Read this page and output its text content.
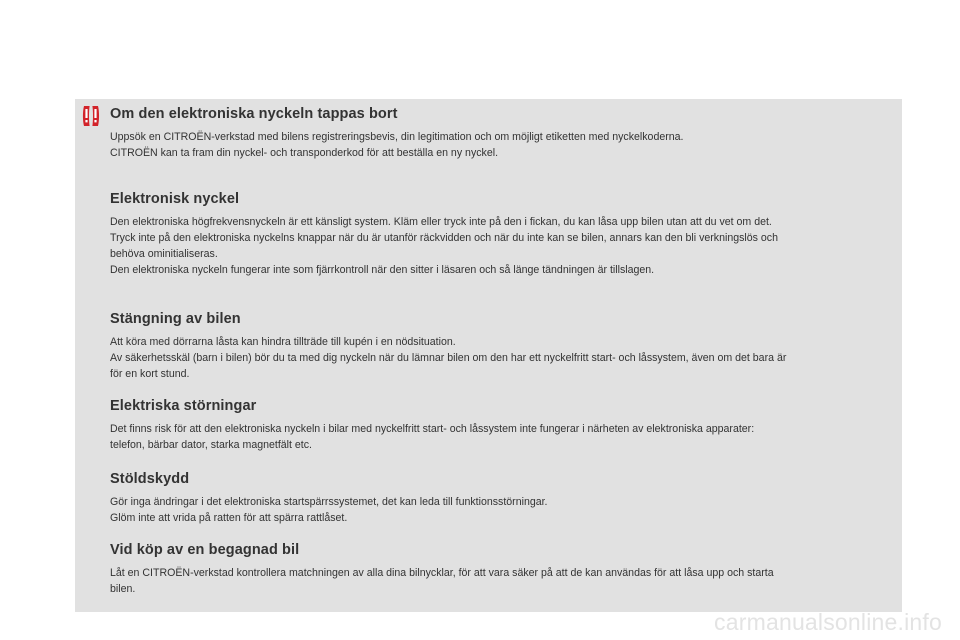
Om den elektroniska nyckeln tappas bort

Uppsök en CITROËN-verkstad med bilens registreringsbevis, din legitimation och om möjligt etiketten med nyckelkoderna.

CITROËN kan ta fram din nyckel- och transponderkod för att beställa en ny nyckel.

Elektronisk nyckel

Den elektroniska högfrekvensnyckeln är ett känsligt system. Kläm eller tryck inte på den i fickan, du kan låsa upp bilen utan att du vet om det.

Tryck inte på den elektroniska nyckelns knappar när du är utanför räckvidden och när du inte kan se bilen, annars kan den bli verkningslös och

behöva ominitialiseras.

Den elektroniska nyckeln fungerar inte som fjärrkontroll när den sitter i läsaren och så länge tändningen är tillslagen.

Stängning av bilen

Att köra med dörrarna låsta kan hindra tillträde till kupén i en nödsituation.

Av säkerhetsskäl (barn i bilen) bör du ta med dig nyckeln när du lämnar bilen om den har ett nyckelfritt start- och låssystem, även om det bara är

för en kort stund.

Elektriska störningar

Det finns risk för att den elektroniska nyckeln i bilar med nyckelfritt start- och låssystem inte fungerar i närheten av elektroniska apparater:

telefon, bärbar dator, starka magnetfält etc.

Stöldskydd

Gör inga ändringar i det elektroniska startspärrssystemet, det kan leda till funktionsstörningar.

Glöm inte att vrida på ratten för att spärra rattlåset.

Vid köp av en begagnad bil

Låt en CITROËN-verkstad kontrollera matchningen av alla dina bilnycklar, för att vara säker på att de kan användas för att låsa upp och starta

bilen.

carmanualsonline.info
